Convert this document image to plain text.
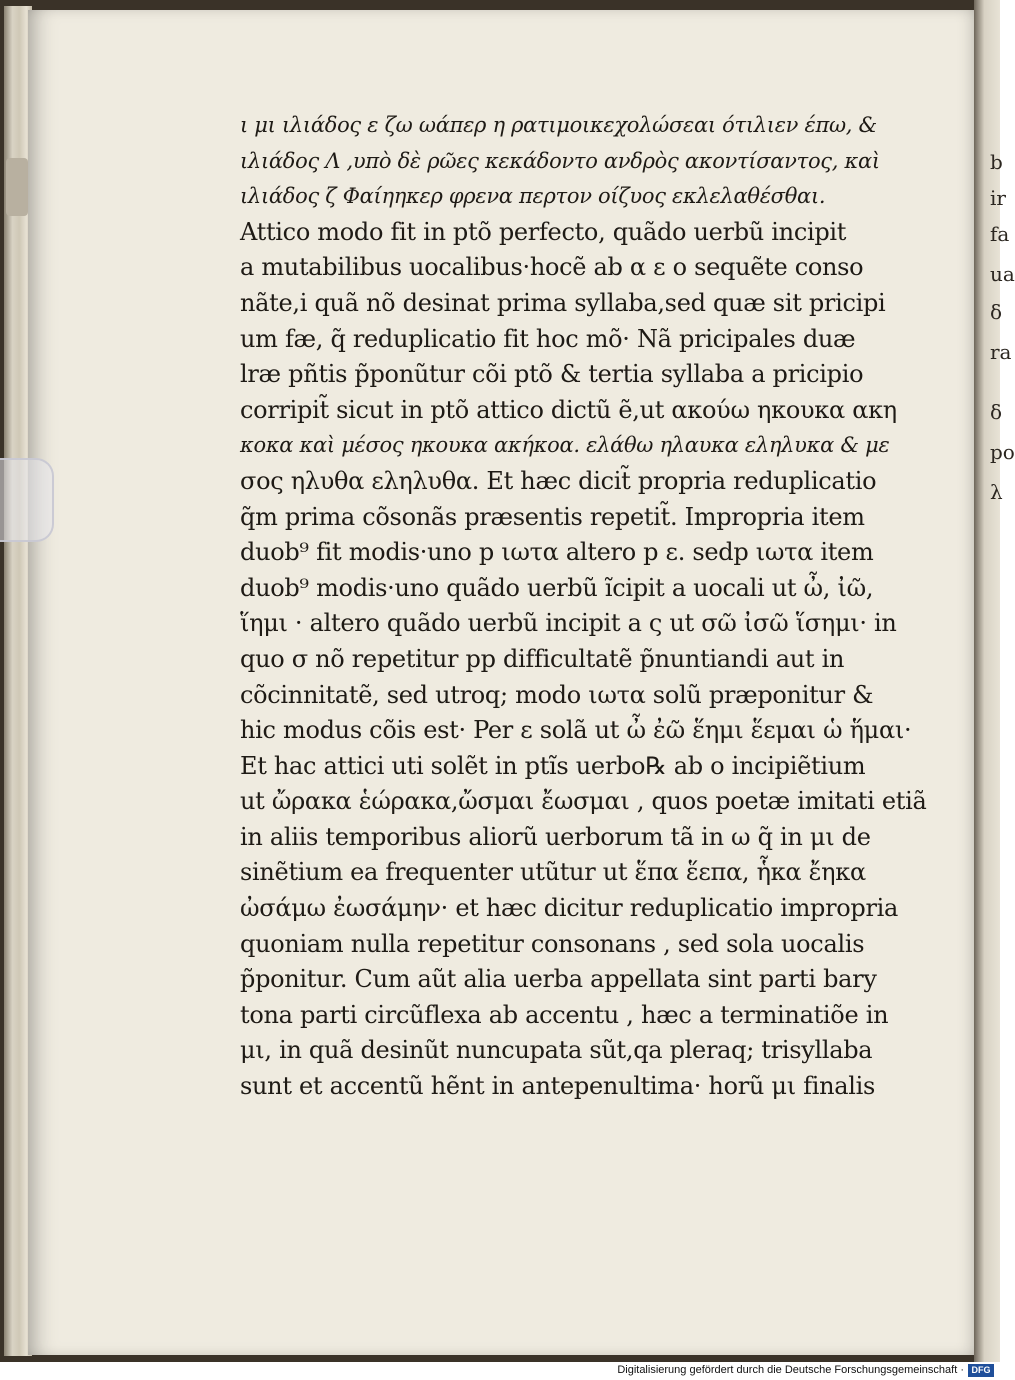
b
ir
fa
ua
δ
ra
δ
po
λ
ι μι ιλιάδος ε ζω ωάπερ η ρατιμοικεχολώσεαι ότιλιεν έπω, &
ιλιάδος Λ ,υπὸ δὲ ρῶες κεκάδοντο ανδρὸς ακοντίσαντος, καὶ
ιλιάδος ζ Φαίηηκερ φρενα περτον οίζυος εκλελαθέσθαι.
Attico modo fit in ptõ perfecto, quãdo uerbũ incipit
a mutabilibus uocalibus·hocẽ ab α ε ο sequẽte conso
nãte,i quã nõ desinat prima syllaba,sed quæ sit pricipi
um fæ, q̃ reduplicatio fit hoc mõ· Nã pricipales duæ
lræ pñtis p̃ponũtur cõi ptõ & tertia syllaba a pricipio
corripit̃ sicut in ptõ attico dictũ ẽ,ut ακούω ηκουκα ακη
κοκα καὶ μέσος ηκουκα ακήκοα. ελάθω ηλαυκα εληλυκα & με
σος ηλυθα εληλυθα. Et hæc dicit̃ propria reduplicatio
q̃m prima cõsonãs præsentis repetit̃. Impropria item
duob⁹ fit modis·uno p ιωτα altero p ε. sedp ιωτα item
duob⁹ modis·uno quãdo uerbũ ĩcipit a uocali ut ὦ, ἰῶ,
ἵημι · altero quãdo uerbũ incipit a ς ut σῶ ἰσῶ ἵσημι· in
quo σ nõ repetitur pp difficultatẽ p̃nuntiandi aut in
cõcinnitatẽ, sed utroq; modo ιωτα solũ præponitur &
hic modus cõis est· Per ε solã ut ὦ ἐῶ ἕημι ἕεμαι ὡ ἥμαι·
Et hac attici uti solẽt in ptĩs uerbo℞ ab ο incipiẽtium
ut ὤρακα ἑώρακα,ὤσμαι ἔωσμαι , quos poetæ imitati etiã
in aliis temporibus aliorũ uerborum tã in ω q̃ in μι de
sinẽtium ea frequenter utũtur ut ἕπα ἕεπα, ἧκα ἔηκα
ὠσάμω ἐωσάμην· et hæc dicitur reduplicatio impropria
quoniam nulla repetitur consonans , sed sola uocalis
p̃ponitur. Cum aũt alia uerba appellata sint parti bary
tona parti circũflexa ab accentu , hæc a terminatiõe in
μι, in quã desinũt nuncupata sũt,qa pleraq; trisyllaba
sunt et accentũ hẽnt in antepenultima· horũ μι finalis
Digitalisierung gefördert durch die Deutsche Forschungsgemeinschaft · DFG
